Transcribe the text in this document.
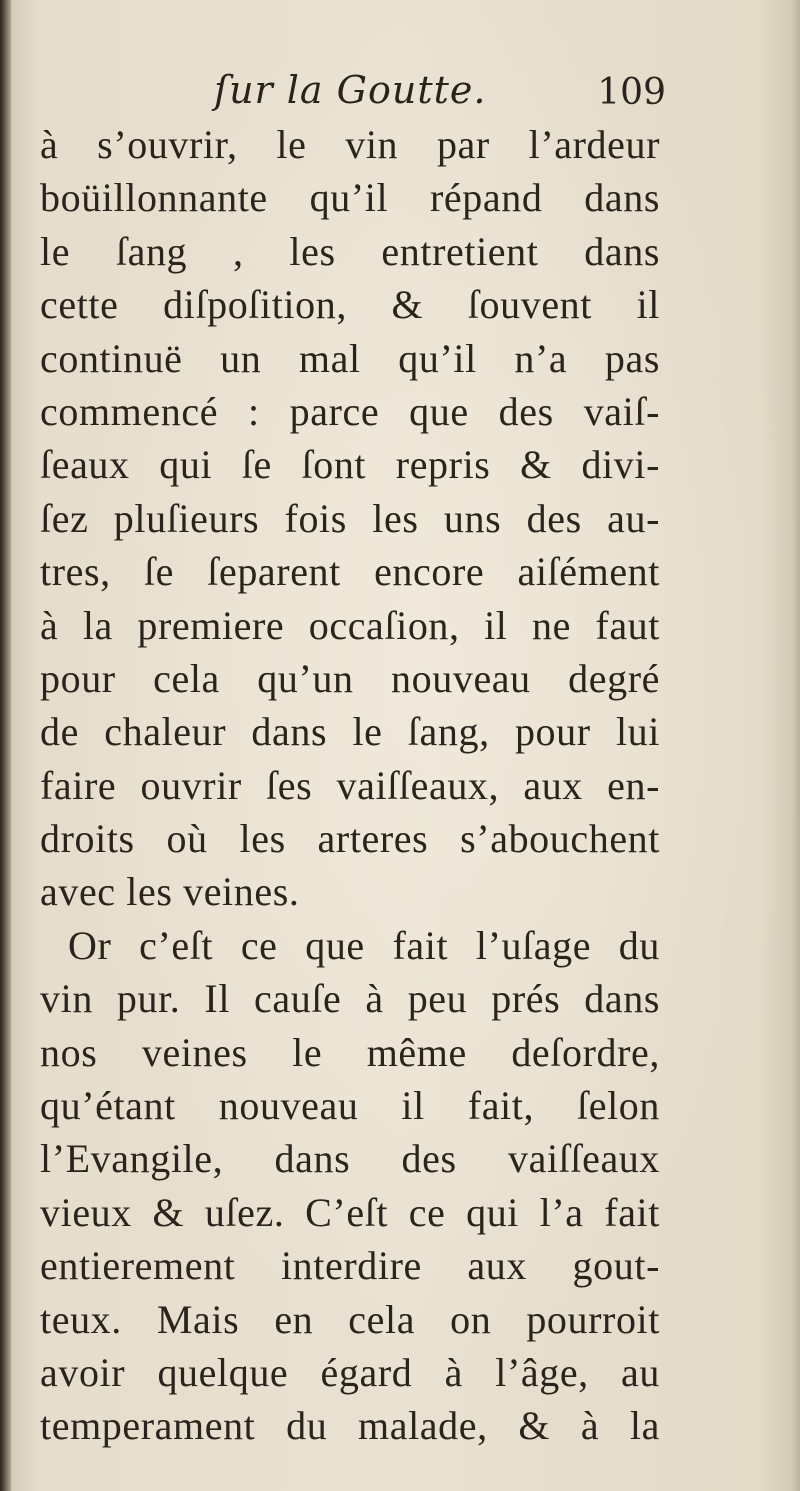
ſur la Goutte.	109
à s’ouvrir, le vin par l’ardeur
boüillonnante qu’il répand dans
le ſang , les entretient dans
cette diſpoſition, & ſouvent il
continuë un mal qu’il n’a pas
commencé : parce que des vaiſ-
ſeaux qui ſe ſont repris & divi-
ſez pluſieurs fois les uns des au-
tres, ſe ſeparent encore aiſément
à la premiere occaſion, il ne faut
pour cela qu’un nouveau degré
de chaleur dans le ſang, pour lui
faire ouvrir ſes vaiſſeaux, aux en-
droits où les arteres s’abouchent
avec les veines.
Or c’eſt ce que fait l’uſage du
vin pur. Il cauſe à peu prés dans
nos veines le même deſordre,
qu’étant nouveau il fait, ſelon
l’Evangile, dans des vaiſſeaux
vieux & uſez. C’eſt ce qui l’a fait
entierement interdire aux gout-
teux. Mais en cela on pourroit
avoir quelque égard à l’âge, au
temperament du malade, & à la
